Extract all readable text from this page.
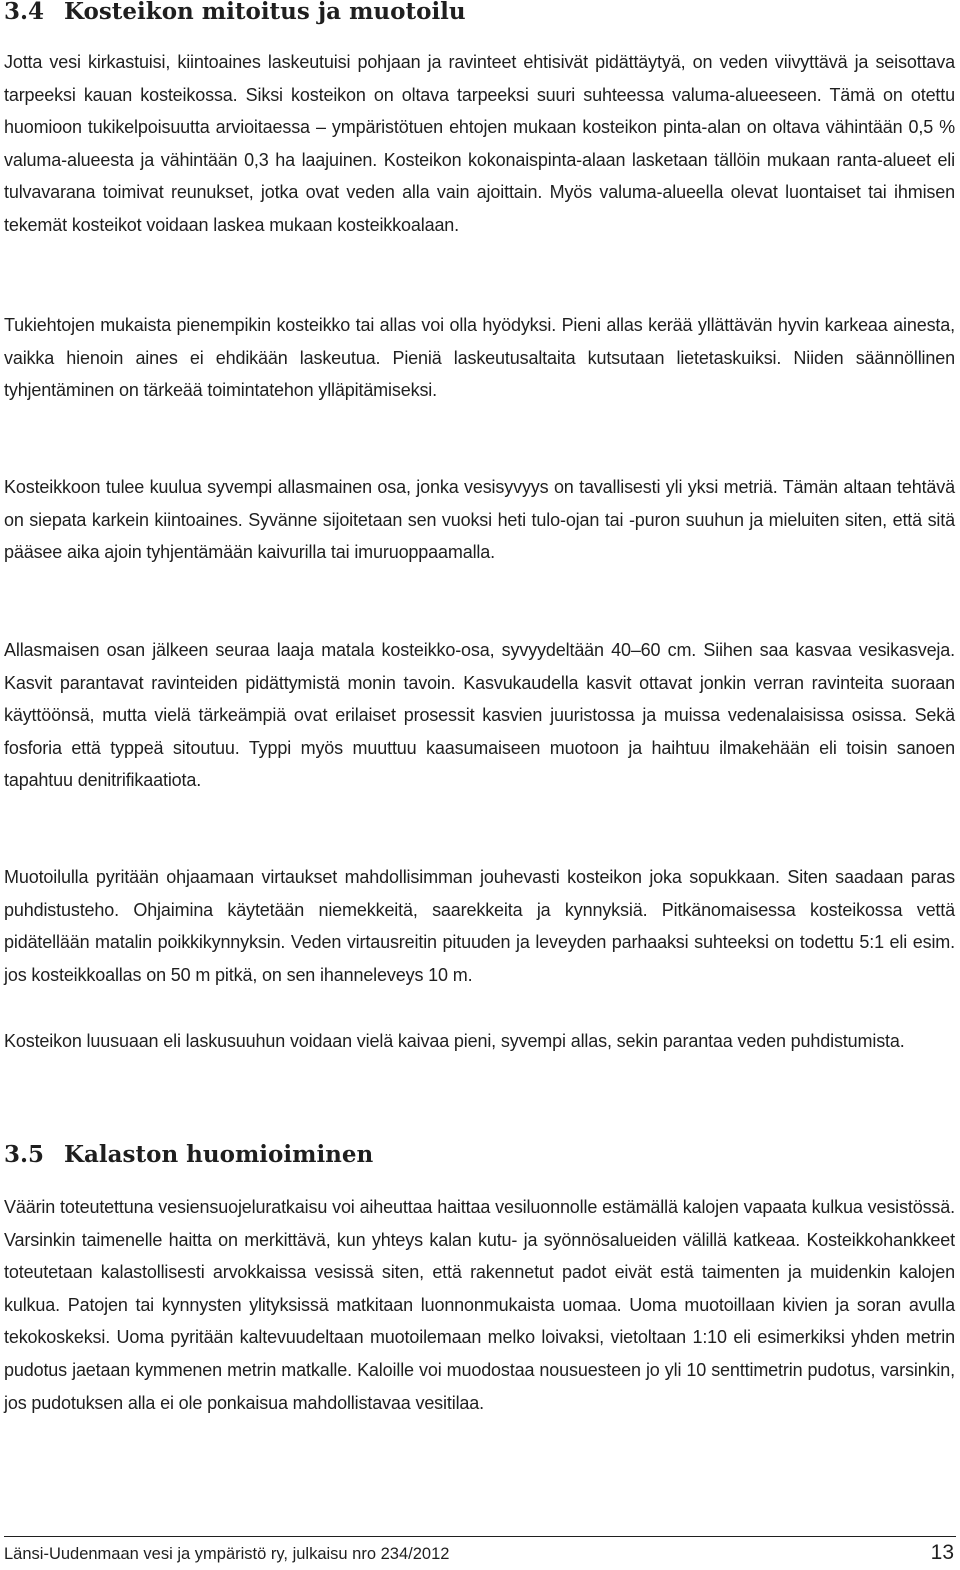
3.4 Kosteikon mitoitus ja muotoilu

Jotta vesi kirkastuisi, kiintoaines laskeutuisi pohjaan ja ravinteet ehtisivät pidättäytyä, on veden viivyttävä ja seisottava tarpeeksi kauan kosteikossa. Siksi kosteikon on oltava tarpeeksi suuri suhteessa valuma-alueeseen. Tämä on otettu huomioon tukikelpoisuutta arvioitaessa – ympäristötuen ehtojen mukaan kosteikon pinta-alan on oltava vähintään 0,5 % valuma-alueesta ja vähintään 0,3 ha laajuinen. Kosteikon kokonaispinta-alaan lasketaan tällöin mukaan ranta-alueet eli tulvavarana toimivat reunukset, jotka ovat veden alla vain ajoittain. Myös valuma-alueella olevat luontaiset tai ihmisen tekemät kosteikot voidaan laskea mukaan kosteikkoalaan.

Tukiehtojen mukaista pienempikin kosteikko tai allas voi olla hyödyksi. Pieni allas kerää yllättävän hyvin karkeaa ainesta, vaikka hienoin aines ei ehdikään laskeutua. Pieniä laskeutusaltaita kutsutaan lietetaskuiksi. Niiden säännöllinen tyhjentäminen on tärkeää toimintatehon ylläpitämiseksi.

Kosteikkoon tulee kuulua syvempi allasmainen osa, jonka vesisyvyys on tavallisesti yli yksi metriä. Tämän altaan tehtävä on siepata karkein kiintoaines. Syvänne sijoitetaan sen vuoksi heti tulo-ojan tai -puron suuhun ja mieluiten siten, että sitä pääsee aika ajoin tyhjentämään kaivurilla tai imuruoppaamalla.

Allasmaisen osan jälkeen seuraa laaja matala kosteikko-osa, syvyydeltään 40–60 cm. Siihen saa kasvaa vesikasveja. Kasvit parantavat ravinteiden pidättymistä monin tavoin. Kasvukaudella kasvit ottavat jonkin verran ravinteita suoraan käyttöönsä, mutta vielä tärkeämpiä ovat erilaiset prosessit kasvien juuristossa ja muissa vedenalaisissa osissa. Sekä fosforia että typpeä sitoutuu. Typpi myös muuttuu kaasumaiseen muotoon ja haihtuu ilmakehään eli toisin sanoen tapahtuu denitrifikaatiota.

Muotoilulla pyritään ohjaamaan virtaukset mahdollisimman jouhevasti kosteikon joka sopukkaan. Siten saadaan paras puhdistusteho. Ohjaimina käytetään niemekkeitä, saarekkeita ja kynnyksiä. Pitkänomaisessa kosteikossa vettä pidätellään matalin poikkikynnyksin. Veden virtausreitin pituuden ja leveyden parhaaksi suhteeksi on todettu 5:1 eli esim. jos kosteikkoallas on 50 m pitkä, on sen ihanneleveys 10 m.

Kosteikon luusuaan eli laskusuuhun voidaan vielä kaivaa pieni, syvempi allas, sekin parantaa veden puhdistumista.

3.5 Kalaston huomioiminen

Väärin toteutettuna vesiensuojeluratkaisu voi aiheuttaa haittaa vesiluonnolle estämällä kalojen vapaata kulkua vesistössä. Varsinkin taimenelle haitta on merkittävä, kun yhteys kalan kutu- ja syönnösalueiden välillä katkeaa. Kosteikkohankkeet toteutetaan kalastollisesti arvokkaissa vesissä siten, että rakennetut padot eivät estä taimenten ja muidenkin kalojen kulkua. Patojen tai kynnysten ylityksissä matkitaan luonnonmukaista uomaa. Uoma muotoillaan kivien ja soran avulla tekokoskeksi. Uoma pyritään kaltevuudeltaan muotoilemaan melko loivaksi, vietoltaan 1:10 eli esimerkiksi yhden metrin pudotus jaetaan kymmenen metrin matkalle. Kaloille voi muodostaa nousuesteen jo yli 10 senttimetrin pudotus, varsinkin, jos pudotuksen alla ei ole ponkaisua mahdollistavaa vesitilaa.

Länsi-Uudenmaan vesi ja ympäristö ry, julkaisu nro 234/2012	13
